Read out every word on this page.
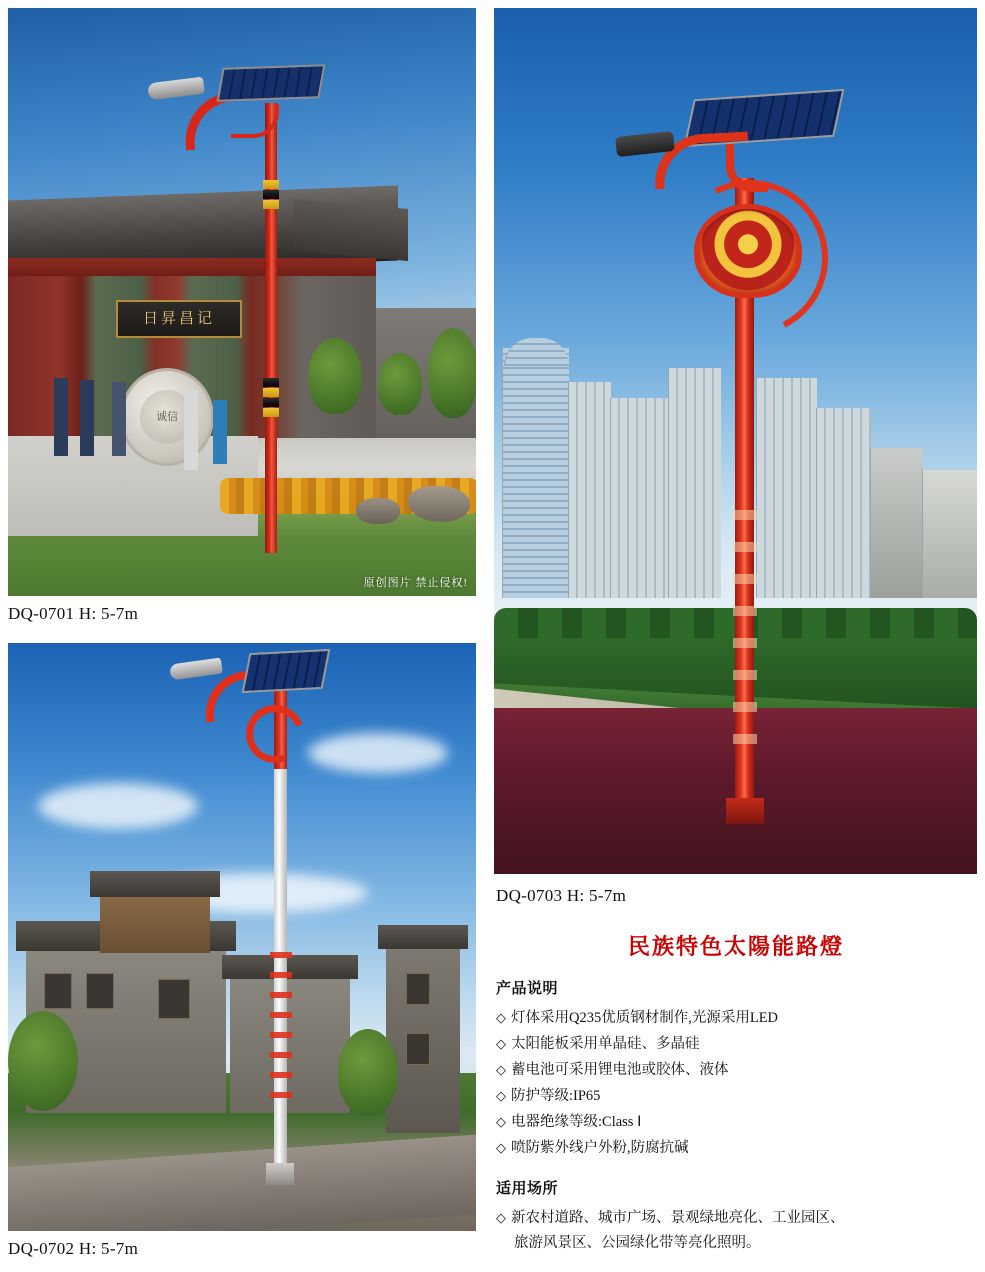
日昇昌记
诚信
原创图片 禁止侵权!
DQ-0701 H: 5-7m
DQ-0702 H: 5-7m
DQ-0703 H: 5-7m
民族特色太陽能路燈
产品说明
◇ 灯体采用Q235优质钢材制作,光源采用LED
◇ 太阳能板采用单晶硅、多晶硅
◇ 蓄电池可采用锂电池或胶体、液体
◇ 防护等级:IP65
◇ 电器绝缘等级:Class Ⅰ
◇ 喷防紫外线户外粉,防腐抗碱
适用场所
◇ 新农村道路、城市广场、景观绿地亮化、工业园区、
旅游风景区、公园绿化带等亮化照明。
